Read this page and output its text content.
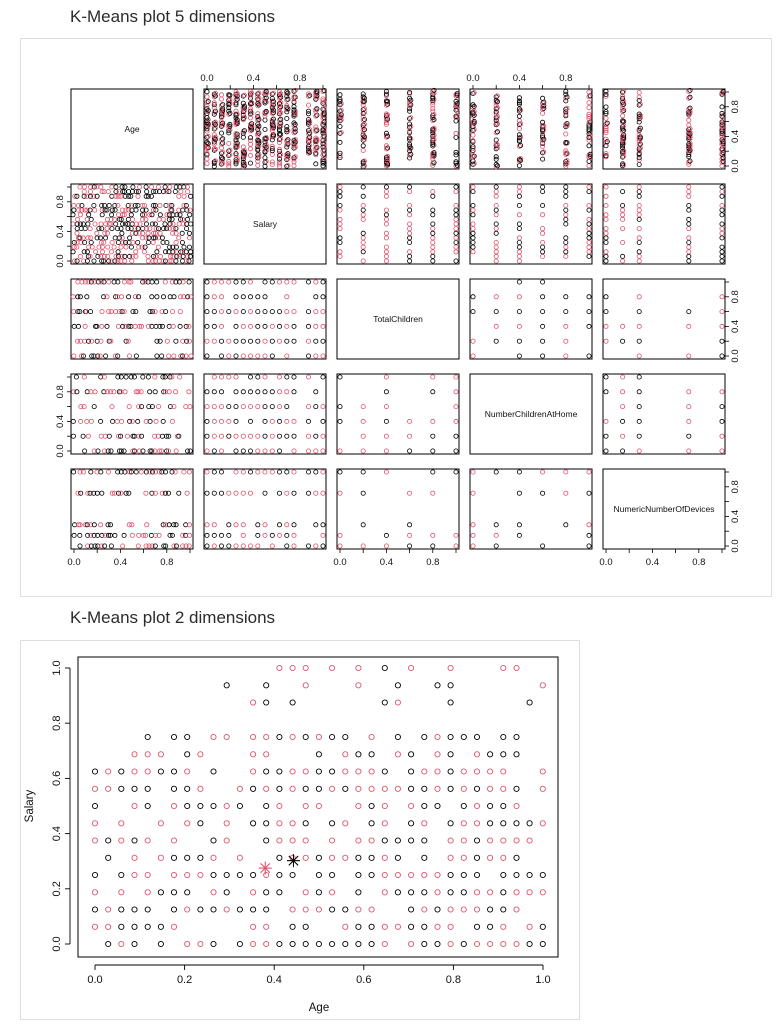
K-Means plot 5 dimensions
K-Means plot 2 dimensions
Age
Salary
TotalChildren
NumberChildrenAtHome
NumericNumberOfDevices
0.0	0.4	0.8	0.0	0.4	0.8
0.0	0.4	0.8	0.0	0.4	0.8	0.0	0.4	0.8
0.0
0.4
0.8
0.0
0.4
0.8
0.0
0.4
0.8
0.0
0.4
0.8
0.0
0.4
0.8
0.0	0.2	0.4	0.6	0.8	1.0
Age
0.0
0.2
0.4
0.6
0.8
1.0
Salary
